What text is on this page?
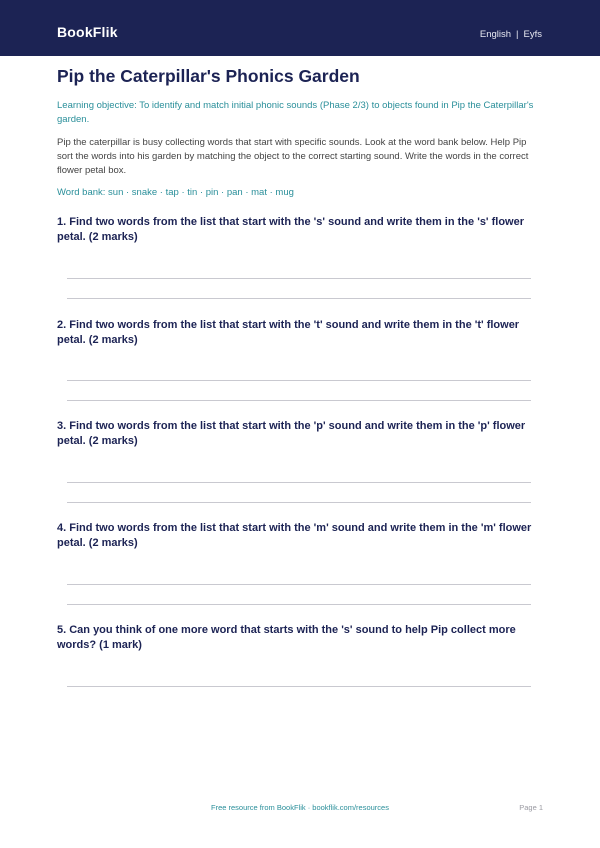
BookFlik	English | Eyfs
Pip the Caterpillar's Phonics Garden
Learning objective: To identify and match initial phonic sounds (Phase 2/3) to objects found in Pip the Caterpillar's garden.
Pip the caterpillar is busy collecting words that start with specific sounds. Look at the word bank below. Help Pip sort the words into his garden by matching the object to the correct starting sound. Write the words in the correct flower petal box.
Word bank: sun · snake · tap · tin · pin · pan · mat · mug
1. Find two words from the list that start with the 's' sound and write them in the 's' flower petal. (2 marks)
2. Find two words from the list that start with the 't' sound and write them in the 't' flower petal. (2 marks)
3. Find two words from the list that start with the 'p' sound and write them in the 'p' flower petal. (2 marks)
4. Find two words from the list that start with the 'm' sound and write them in the 'm' flower petal. (2 marks)
5. Can you think of one more word that starts with the 's' sound to help Pip collect more words? (1 mark)
Free resource from BookFlik · bookflik.com/resources	Page 1
